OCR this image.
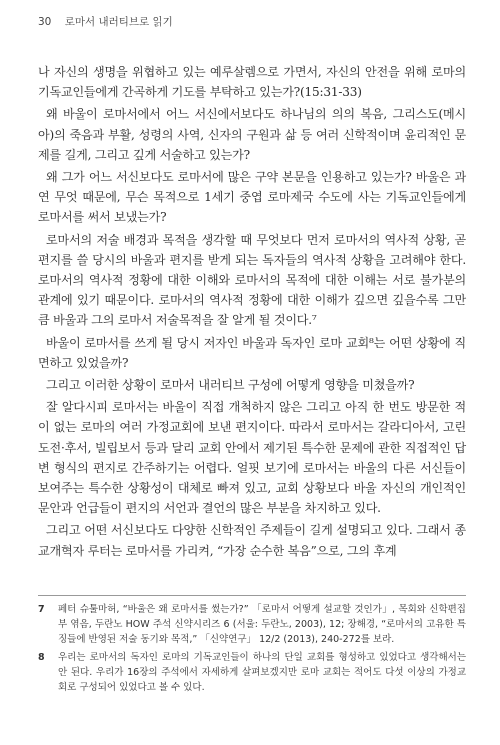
30 로마서 내러티브로 읽기

나 자신의 생명을 위협하고 있는 예루살렘으로 가면서, 자신의 안전을 위해 로마의 기독교인들에게 간곡하게 기도를 부탁하고 있는가?(15:31-33)

왜 바울이 로마서에서 어느 서신에서보다도 하나님의 의의 복음, 그리스도(메시아)의 죽음과 부활, 성령의 사역, 신자의 구원과 삶 등 여러 신학적이며 윤리적인 문제를 길게, 그리고 깊게 서술하고 있는가?

왜 그가 어느 서신보다도 로마서에 많은 구약 본문을 인용하고 있는가? 바울은 과연 무엇 때문에, 무슨 목적으로 1세기 중엽 로마제국 수도에 사는 기독교인들에게 로마서를 써서 보냈는가?

로마서의 저술 배경과 목적을 생각할 때 무엇보다 먼저 로마서의 역사적 상황, 곧 편지를 쓸 당시의 바울과 편지를 받게 되는 독자들의 역사적 상황을 고려해야 한다. 로마서의 역사적 정황에 대한 이해와 로마서의 목적에 대한 이해는 서로 불가분의 관계에 있기 때문이다. 로마서의 역사적 정황에 대한 이해가 깊으면 깊을수록 그만큼 바울과 그의 로마서 저술목적을 잘 알게 될 것이다.⁷

바울이 로마서를 쓰게 될 당시 저자인 바울과 독자인 로마 교회⁸는 어떤 상황에 직면하고 있었을까?

그리고 이러한 상황이 로마서 내러티브 구성에 어떻게 영향을 미쳤을까?

잘 알다시피 로마서는 바울이 직접 개척하지 않은 그리고 아직 한 번도 방문한 적이 없는 로마의 여러 가정교회에 보낸 편지이다. 따라서 로마서는 갈라디아서, 고린도전·후서, 빌립보서 등과 달리 교회 안에서 제기된 특수한 문제에 관한 직접적인 답변 형식의 편지로 간주하기는 어렵다. 얼핏 보기에 로마서는 바울의 다른 서신들이 보여주는 특수한 상황성이 대체로 빠져 있고, 교회 상황보다 바울 자신의 개인적인 문안과 언급들이 편지의 서언과 결언의 많은 부분을 차지하고 있다.

그리고 어떤 서신보다도 다양한 신학적인 주제들이 길게 설명되고 있다. 그래서 종교개혁자 루터는 로마서를 가리켜, “가장 순수한 복음”으로, 그의 후계

7	페터 슈툴마허, “바울은 왜 로마서를 썼는가?” 「로마서 어떻게 설교할 것인가」, 목회와 신학편집부 엮음, 두란노 HOW 주석 신약시리즈 6 (서울: 두란노, 2003), 12; 장해경, “로마서의 고유한 특징들에 반영된 저술 동기와 목적,” 「신약연구」 12/2 (2013), 240-272를 보라.
8	우리는 로마서의 독자인 로마의 기독교인들이 하나의 단일 교회를 형성하고 있었다고 생각해서는 안 된다. 우리가 16장의 주석에서 자세하게 살펴보겠지만 로마 교회는 적어도 다섯 이상의 가정교회로 구성되어 있었다고 볼 수 있다.
